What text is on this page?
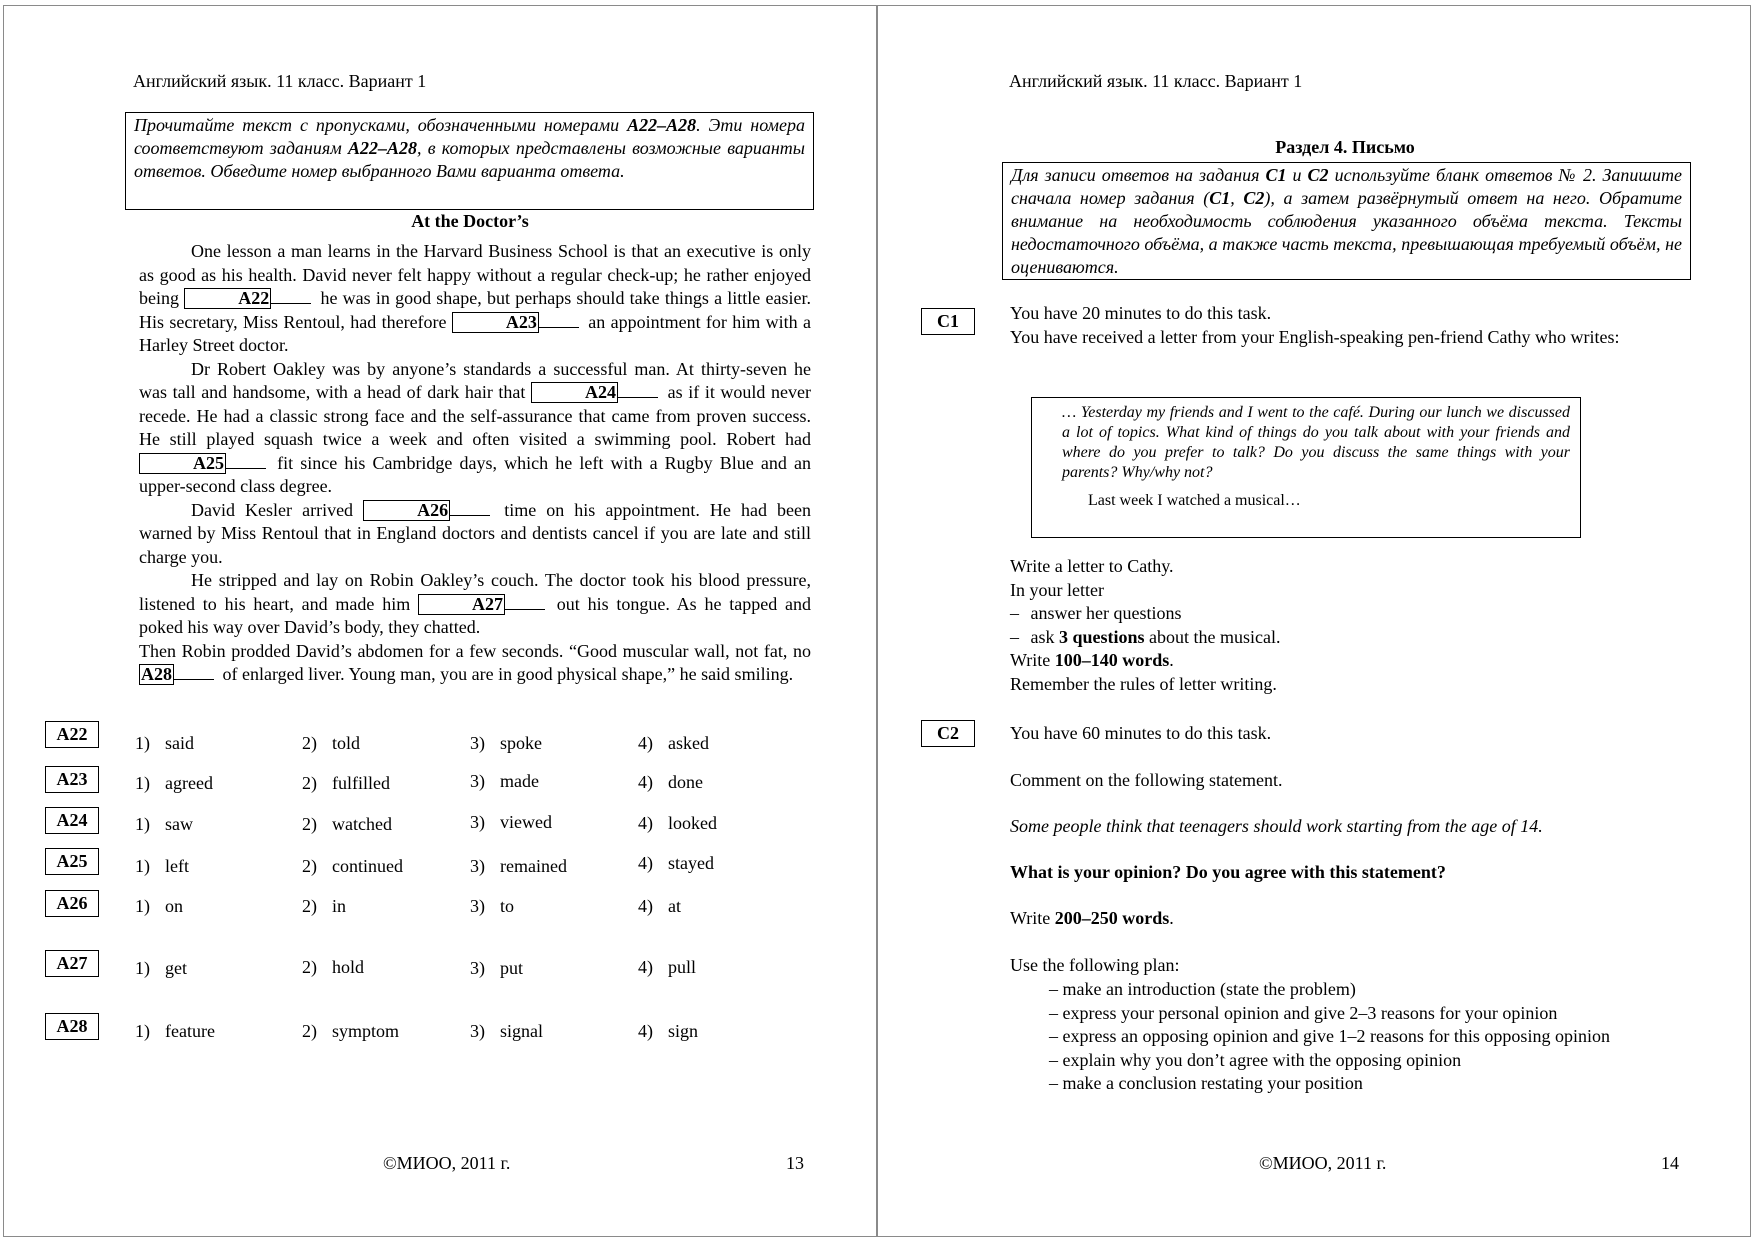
Английский язык. 11 класс. Вариант 1
Прочитайте текст с пропусками, обозначенными номерами A22–A28. Эти номера соответствуют заданиям A22–A28, в которых представлены возможные варианты ответов. Обведите номер выбранного Вами варианта ответа.
At the Doctor’s

One lesson a man learns in the Harvard Business School is that an executive is only as good as his health. David never felt happy without a regular check-up; he rather enjoyed being	A22	he was in good shape, but perhaps should take things a little easier. His secretary, Miss Rentoul, had therefore	A23	an appointment for him with a Harley Street doctor.

Dr Robert Oakley was by anyone’s standards a successful man. At thirty-seven he was tall and handsome, with a head of dark hair that	A24	as if it would never recede. He had a classic strong face and the self-assurance that came from proven success. He still played squash twice a week and often visited a swimming pool. Robert had A25	fit since his Cambridge days, which he left with a Rugby Blue and an upper-second class degree.

David Kesler arrived	A26	time on his appointment. He had been warned by Miss Rentoul that in England doctors and dentists cancel if you are late and still charge you.

He stripped and lay on Robin Oakley’s couch. The doctor took his blood pressure, listened to his heart, and made him	A27	out his tongue. As he tapped and poked his way over David’s body, they chatted.

Then Robin prodded David’s abdomen for a few seconds. “Good muscular wall, not fat, no A28	of enlarged liver. Young man, you are in good physical shape,” he said smiling.

A22	1) said	2) told	3) spoke	4) asked
A23	1) agreed	2) fulfilled	3) made	4) done
A24	1) saw	2) watched	3) viewed	4) looked
A25	1) left	2) continued	3) remained	4) stayed
A26	1) on	2) in	3) to	4) at
A27	1) get	2) hold	3) put	4) pull
A28	1) feature	2) symptom	3) signal	4) sign
©МИОО, 2011 г.	13
Английский язык. 11 класс. Вариант 1
Раздел 4. Письмо
Для записи ответов на задания C1 и C2 используйте бланк ответов № 2. Запишите сначала номер задания (C1, C2), а затем развёрнутый ответ на него. Обратите внимание на необходимость соблюдения указанного объёма текста. Тексты недостаточного объёма, а также часть текста, превышающая требуемый объём, не оцениваются.
C1	You have 20 minutes to do this task.
You have received a letter from your English-speaking pen-friend Cathy who writes:
… Yesterday my friends and I went to the café. During our lunch we discussed a lot of topics. What kind of things do you talk about with your friends and where do you prefer to talk? Do you discuss the same things with your parents? Why/why not?
Last week I watched a musical…
Write a letter to Cathy.
In your letter
– answer her questions
– ask 3 questions about the musical.
Write 100–140 words.
Remember the rules of letter writing.
C2	You have 60 minutes to do this task.
Comment on the following statement.
Some people think that teenagers should work starting from the age of 14.
What is your opinion? Do you agree with this statement?
Write 200–250 words.
Use the following plan:
– make an introduction (state the problem)
– express your personal opinion and give 2–3 reasons for your opinion
– express an opposing opinion and give 1–2 reasons for this opposing opinion
– explain why you don’t agree with the opposing opinion
– make a conclusion restating your position
©МИОО, 2011 г.	14
